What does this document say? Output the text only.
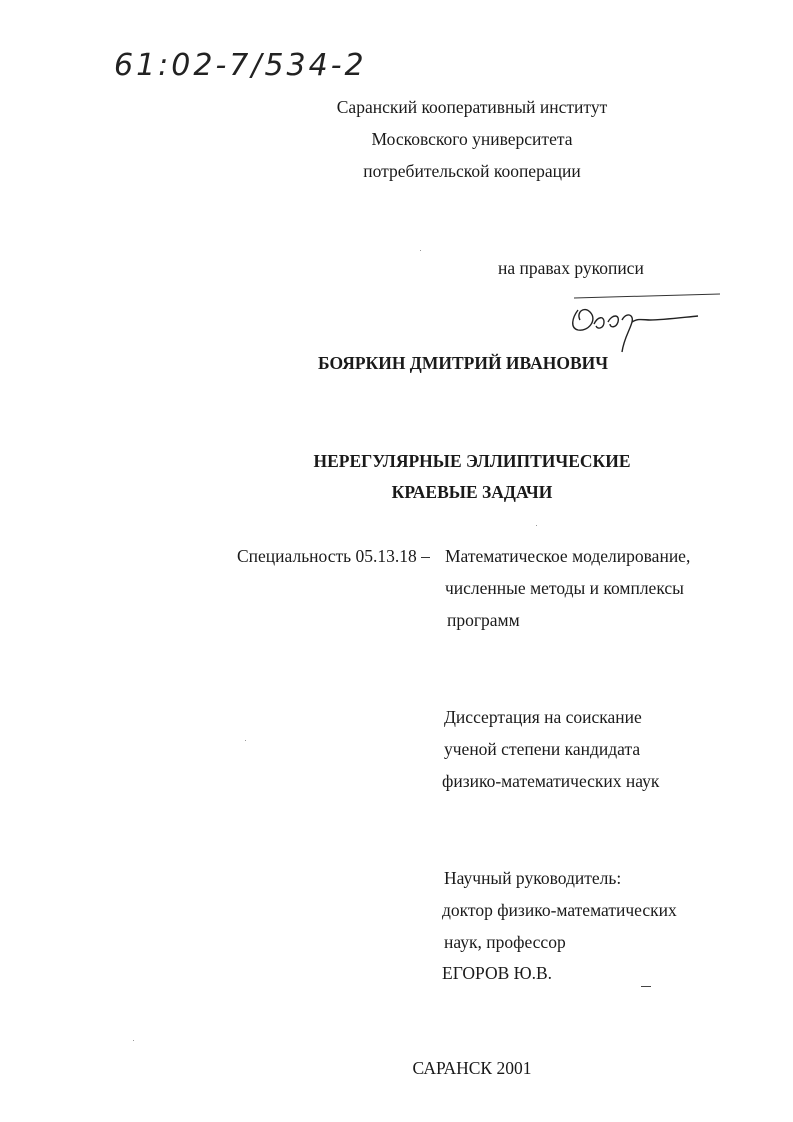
61:02-7/534-2
Саранский кооперативный институт
Московского университета
потребительской кооперации
на правах рукописи
БОЯРКИН ДМИТРИЙ ИВАНОВИЧ
НЕРЕГУЛЯРНЫЕ ЭЛЛИПТИЧЕСКИЕ
КРАЕВЫЕ ЗАДАЧИ
Специальность 05.13.18 – Математическое моделирование,
численные методы и комплексы
программ
Диссертация на соискание
ученой степени кандидата
физико-математических наук
Научный руководитель:
доктор физико-математических
наук, профессор
ЕГОРОВ Ю.В.
САРАНСК 2001
